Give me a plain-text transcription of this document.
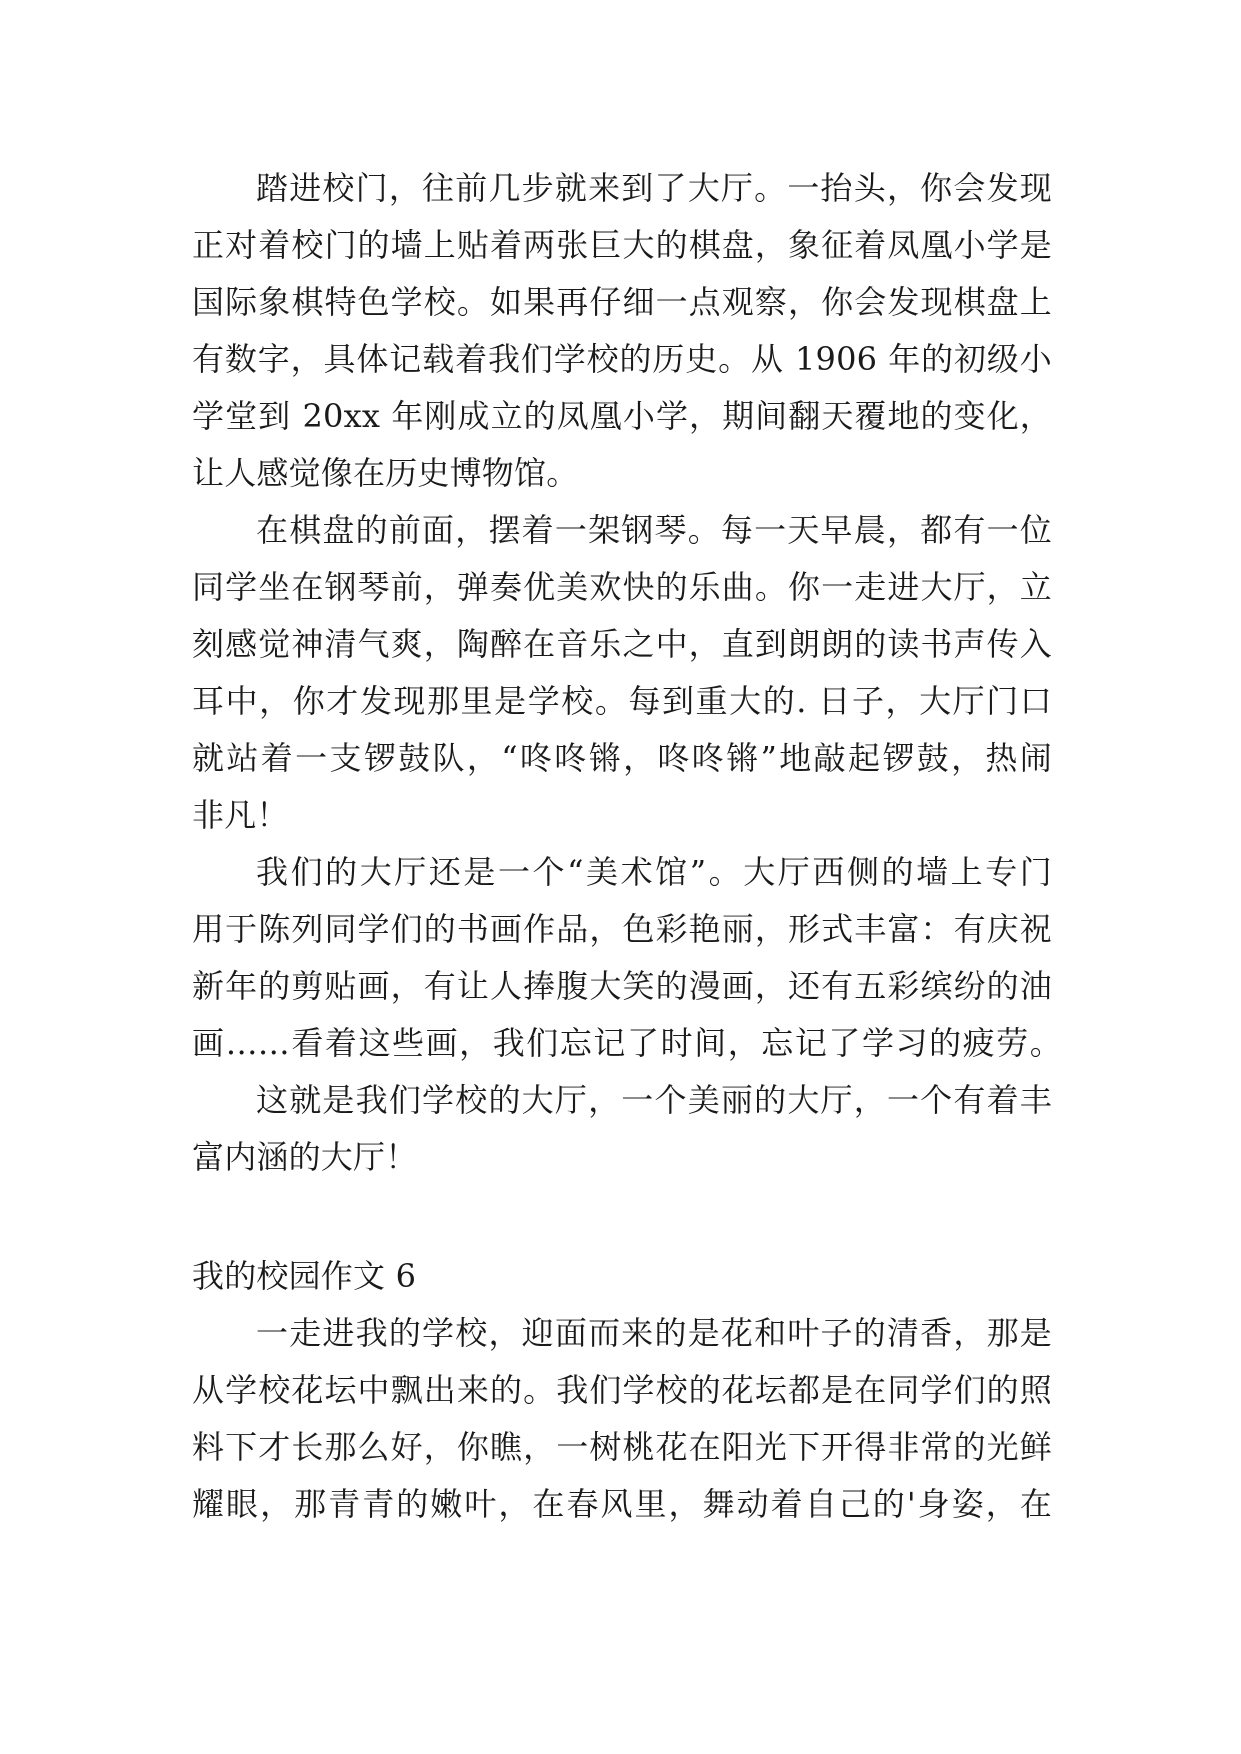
踏进校门，往前几步就来到了大厅。一抬头，你会发现
正对着校门的墙上贴着两张巨大的棋盘，象征着凤凰小学是
国际象棋特色学校。如果再仔细一点观察，你会发现棋盘上
有数字，具体记载着我们学校的历史。从 1906 年的初级小
学堂到 20xx 年刚成立的凤凰小学，期间翻天覆地的变化，
让人感觉像在历史博物馆。
在棋盘的前面，摆着一架钢琴。每一天早晨，都有一位
同学坐在钢琴前，弹奏优美欢快的乐曲。你一走进大厅，立
刻感觉神清气爽，陶醉在音乐之中，直到朗朗的读书声传入
耳中，你才发现那里是学校。每到重大的. 日子，大厅门口
就站着一支锣鼓队，“咚咚锵，咚咚锵”地敲起锣鼓，热闹
非凡！
我们的大厅还是一个“美术馆”。大厅西侧的墙上专门
用于陈列同学们的书画作品，色彩艳丽，形式丰富：有庆祝
新年的剪贴画，有让人捧腹大笑的漫画，还有五彩缤纷的油
画……看着这些画，我们忘记了时间，忘记了学习的疲劳。
这就是我们学校的大厅，一个美丽的大厅，一个有着丰
富内涵的大厅！
我的校园作文 6
一走进我的学校，迎面而来的是花和叶子的清香，那是
从学校花坛中飘出来的。我们学校的花坛都是在同学们的照
料下才长那么好，你瞧，一树桃花在阳光下开得非常的光鲜
耀眼，那青青的嫩叶，在春风里，舞动着自己的'身姿，在
